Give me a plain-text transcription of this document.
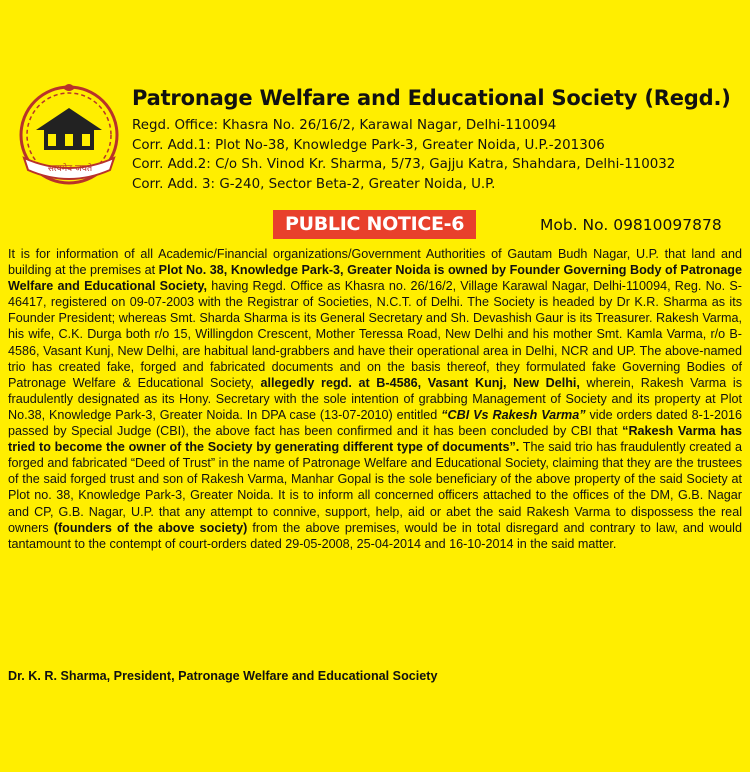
सत्यमेव जयते

Patronage Welfare and Educational Society (Regd.)

Regd. Office: Khasra No. 26/16/2, Karawal Nagar, Delhi-110094

Corr. Add.1: Plot No-38, Knowledge Park-3, Greater Noida, U.P.-201306

Corr. Add.2: C/o Sh. Vinod Kr. Sharma, 5/73, Gajju Katra, Shahdara, Delhi-110032

Corr. Add. 3: G-240, Sector Beta-2, Greater Noida, U.P.

PUBLIC NOTICE-6	Mob. No. 09810097878

It is for information of all Academic/Financial organizations/Government Authorities of Gautam Budh Nagar, U.P. that land and building at the premises at Plot No. 38, Knowledge Park-3, Greater Noida is owned by Founder Governing Body of Patronage Welfare and Educational Society, having Regd. Office as Khasra no. 26/16/2, Village Karawal Nagar, Delhi-110094, Reg. No. S-46417, registered on 09-07-2003 with the Registrar of Societies, N.C.T. of Delhi. The Society is headed by Dr K.R. Sharma as its Founder President; whereas Smt. Sharda Sharma is its General Secretary and Sh. Devashish Gaur is its Treasurer. Rakesh Varma, his wife, C.K. Durga both r/o 15, Willingdon Crescent, Mother Teressa Road, New Delhi and his mother Smt. Kamla Varma, r/o B-4586, Vasant Kunj, New Delhi, are habitual land-grabbers and have their operational area in Delhi, NCR and UP. The above-named trio has created fake, forged and fabricated documents and on the basis thereof, they formulated fake Governing Bodies of Patronage Welfare & Educational Society, allegedly regd. at B-4586, Vasant Kunj, New Delhi, wherein, Rakesh Varma is fraudulently designated as its Hony. Secretary with the sole intention of grabbing Management of Society and its property at Plot No.38, Knowledge Park-3, Greater Noida. In DPA case (13-07-2010) entitled “CBI Vs Rakesh Varma” vide orders dated 8-1-2016 passed by Special Judge (CBI), the above fact has been confirmed and it has been concluded by CBI that “Rakesh Varma has tried to become the owner of the Society by generating different type of documents”. The said trio has fraudulently created a forged and fabricated “Deed of Trust” in the name of Patronage Welfare and Educational Society, claiming that they are the trustees of the said forged trust and son of Rakesh Varma, Manhar Gopal is the sole beneficiary of the above property of the said Society at Plot no. 38, Knowledge Park-3, Greater Noida. It is to inform all concerned officers attached to the offices of the DM, G.B. Nagar and CP, G.B. Nagar, U.P. that any attempt to connive, support, help, aid or abet the said Rakesh Varma to dispossess the real owners (founders of the above society) from the above premises, would be in total disregard and contrary to law, and would tantamount to the contempt of court-orders dated 29-05-2008, 25-04-2014 and 16-10-2014 in the said matter.

Dr. K. R. Sharma, President, Patronage Welfare and Educational Society
